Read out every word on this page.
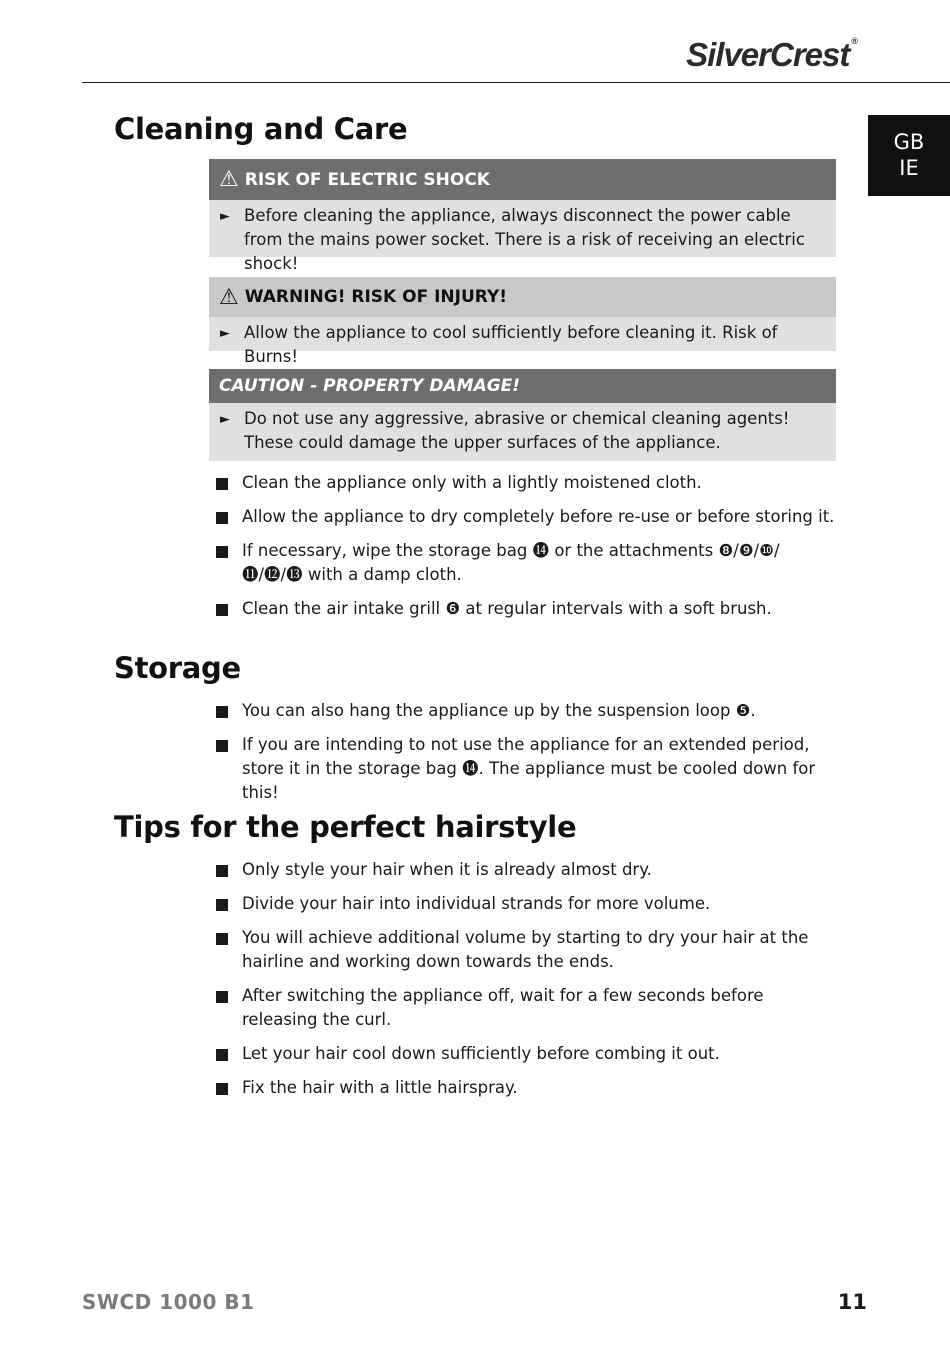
SilverCrest ®
GB
IE
Cleaning and Care
⚠ RISK OF ELECTRIC SHOCK
► Before cleaning the appliance, always disconnect the power cable from the mains power socket. There is a risk of receiving an electric shock!
⚠ WARNING! RISK OF INJURY!
► Allow the appliance to cool sufficiently before cleaning it. Risk of Burns!
CAUTION - PROPERTY DAMAGE!
► Do not use any aggressive, abrasive or chemical cleaning agents! These could damage the upper surfaces of the appliance.
Clean the appliance only with a lightly moistened cloth.
Allow the appliance to dry completely before re-use or before storing it.
If necessary, wipe the storage bag ⓮ or the attachments ❽/❾/❿/⓫/⓬/⓭ with a damp cloth.
Clean the air intake grill ❻ at regular intervals with a soft brush.
Storage
You can also hang the appliance up by the suspension loop ❺.
If you are intending to not use the appliance for an extended period, store it in the storage bag ⓮. The appliance must be cooled down for this!
Tips for the perfect hairstyle
Only style your hair when it is already almost dry.
Divide your hair into individual strands for more volume.
You will achieve additional volume by starting to dry your hair at the hairline and working down towards the ends.
After switching the appliance off, wait for a few seconds before releasing the curl.
Let your hair cool down sufficiently before combing it out.
Fix the hair with a little hairspray.
SWCD 1000 B1	11
